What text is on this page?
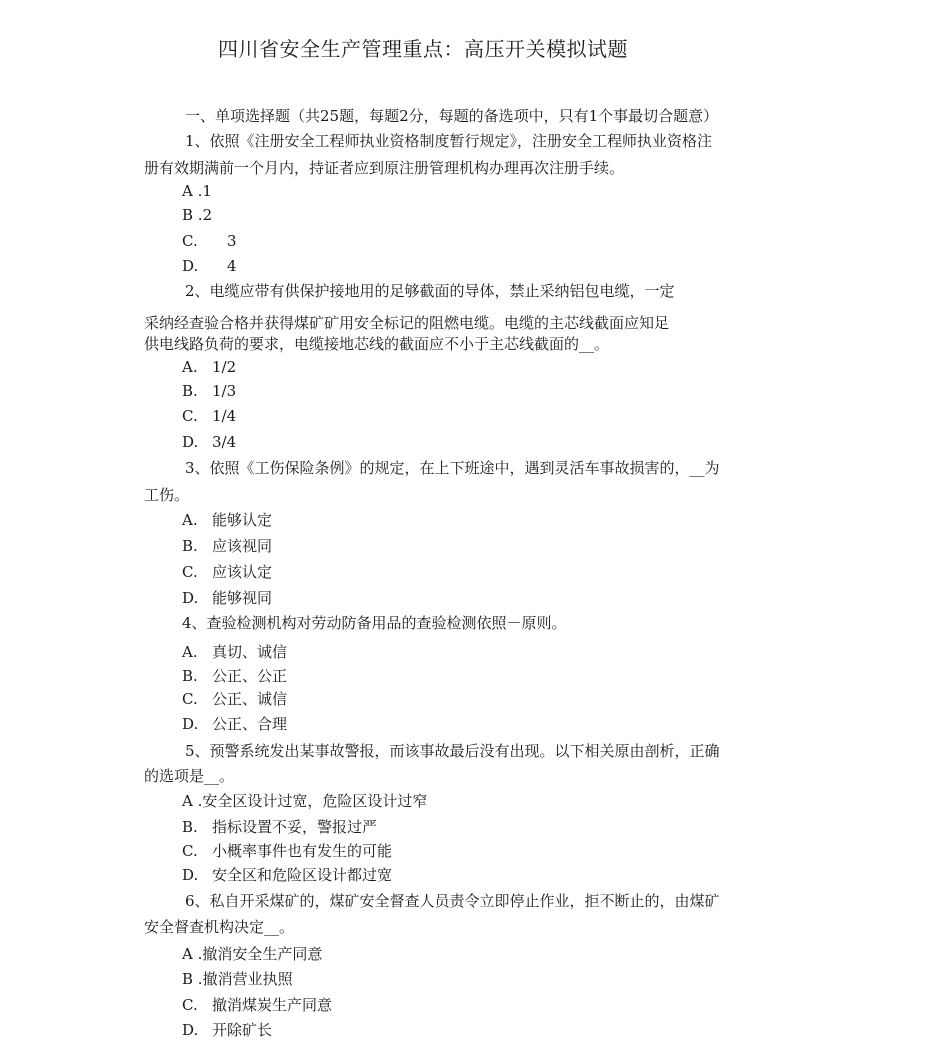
四川省安全生产管理重点：高压开关模拟试题
一、单项选择题（共25题，每题2分，每题的备选项中，只有1个事最切合题意）
1、依照《注册安全工程师执业资格制度暂行规定》，注册安全工程师执业资格注
册有效期满前一个月内，持证者应到原注册管理机构办理再次注册手续。
A .1
B .2
C. 3
D. 4
2、电缆应带有供保护接地用的足够截面的导体，禁止采纳铝包电缆，一定
采纳经查验合格并获得煤矿矿用安全标记的阻燃电缆。电缆的主芯线截面应知足
供电线路负荷的要求，电缆接地芯线的截面应不小于主芯线截面的__。
A. 1/2
B. 1/3
C. 1/4
D. 3/4
3、依照《工伤保险条例》的规定，在上下班途中，遇到灵活车事故损害的，__为
工伤。
A. 能够认定
B. 应该视同
C. 应该认定
D. 能够视同
4、查验检测机构对劳动防备用品的查验检测依照－原则。
A. 真切、诚信
B. 公正、公正
C. 公正、诚信
D. 公正、合理
5、预警系统发出某事故警报，而该事故最后没有出现。以下相关原由剖析，正确
的选项是__。
A .安全区设计过宽，危险区设计过窄
B. 指标设置不妥，警报过严
C. 小概率事件也有发生的可能
D. 安全区和危险区设计都过宽
6、私自开采煤矿的，煤矿安全督查人员责令立即停止作业，拒不断止的，由煤矿
安全督查机构决定__。
A .撤消安全生产同意
B .撤消营业执照
C. 撤消煤炭生产同意
D. 开除矿长
